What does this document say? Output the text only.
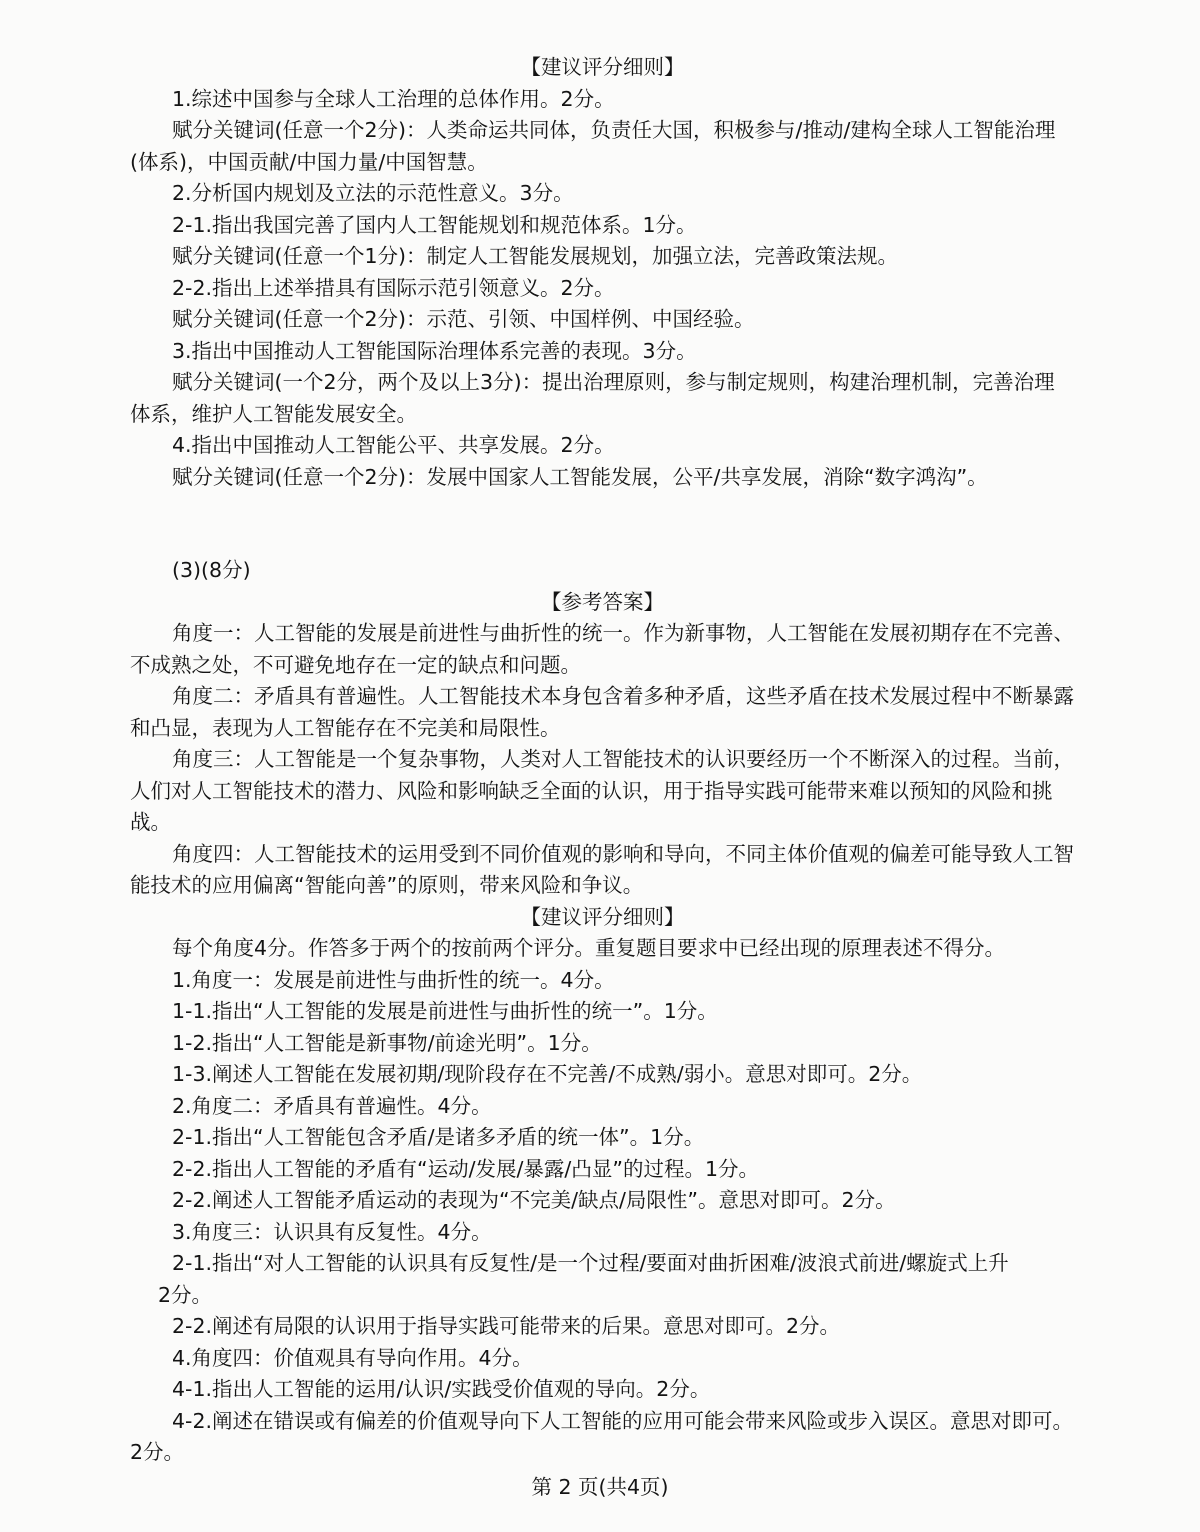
【建议评分细则】

1.综述中国参与全球人工治理的总体作用。2分。

赋分关键词(任意一个2分)：人类命运共同体，负责任大国，积极参与/推动/建构全球人工智能治理(体系)，中国贡献/中国力量/中国智慧。

2.分析国内规划及立法的示范性意义。3分。

2-1.指出我国完善了国内人工智能规划和规范体系。1分。

赋分关键词(任意一个1分)：制定人工智能发展规划，加强立法，完善政策法规。

2-2.指出上述举措具有国际示范引领意义。2分。

赋分关键词(任意一个2分)：示范、引领、中国样例、中国经验。

3.指出中国推动人工智能国际治理体系完善的表现。3分。

赋分关键词(一个2分，两个及以上3分)：提出治理原则，参与制定规则，构建治理机制，完善治理体系，维护人工智能发展安全。

4.指出中国推动人工智能公平、共享发展。2分。

赋分关键词(任意一个2分)：发展中国家人工智能发展，公平/共享发展，消除“数字鸿沟”。

(3)(8分)

【参考答案】

角度一：人工智能的发展是前进性与曲折性的统一。作为新事物，人工智能在发展初期存在不完善、不成熟之处，不可避免地存在一定的缺点和问题。

角度二：矛盾具有普遍性。人工智能技术本身包含着多种矛盾，这些矛盾在技术发展过程中不断暴露和凸显，表现为人工智能存在不完美和局限性。

角度三：人工智能是一个复杂事物，人类对人工智能技术的认识要经历一个不断深入的过程。当前，人们对人工智能技术的潜力、风险和影响缺乏全面的认识，用于指导实践可能带来难以预知的风险和挑战。

角度四：人工智能技术的运用受到不同价值观的影响和导向，不同主体价值观的偏差可能导致人工智能技术的应用偏离“智能向善”的原则，带来风险和争议。

【建议评分细则】

每个角度4分。作答多于两个的按前两个评分。重复题目要求中已经出现的原理表述不得分。

1.角度一：发展是前进性与曲折性的统一。4分。

1-1.指出“人工智能的发展是前进性与曲折性的统一”。1分。

1-2.指出“人工智能是新事物/前途光明”。1分。

1-3.阐述人工智能在发展初期/现阶段存在不完善/不成熟/弱小。意思对即可。2分。

2.角度二：矛盾具有普遍性。4分。

2-1.指出“人工智能包含矛盾/是诸多矛盾的统一体”。1分。

2-2.指出人工智能的矛盾有“运动/发展/暴露/凸显”的过程。1分。

2-2.阐述人工智能矛盾运动的表现为“不完美/缺点/局限性”。意思对即可。2分。

3.角度三：认识具有反复性。4分。

2-1.指出“对人工智能的认识具有反复性/是一个过程/要面对曲折困难/波浪式前进/螺旋式上升

2分。

2-2.阐述有局限的认识用于指导实践可能带来的后果。意思对即可。2分。

4.角度四：价值观具有导向作用。4分。

4-1.指出人工智能的运用/认识/实践受价值观的导向。2分。

4-2.阐述在错误或有偏差的价值观导向下人工智能的应用可能会带来风险或步入误区。意思对即可。2分。

第 2 页(共4页)
